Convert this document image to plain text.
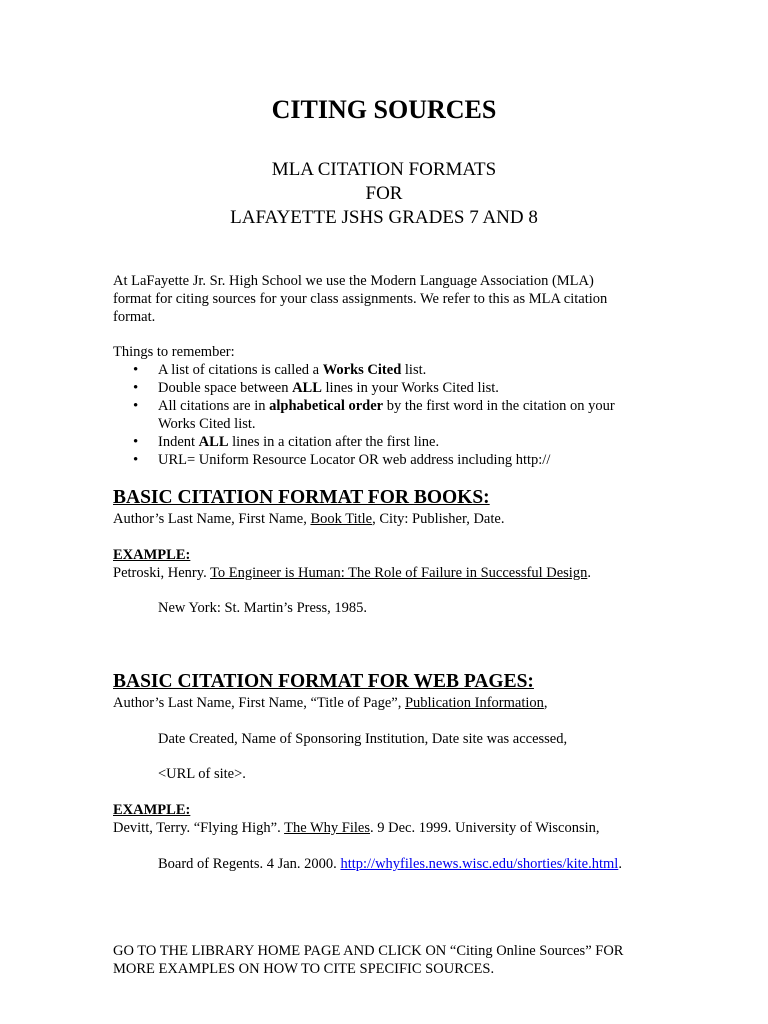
CITING SOURCES
MLA CITATION FORMATS
FOR
LAFAYETTE JSHS GRADES 7 AND 8

At LaFayette Jr. Sr. High School we use the Modern Language Association (MLA)

format for citing sources for your class assignments. We refer to this as MLA citation

format.

Things to remember:
• A list of citations is called a Works Cited list.
• Double space between ALL lines in your Works Cited list.
• All citations are in alphabetical order by the first word in the citation on your
Works Cited list.
• Indent ALL lines in a citation after the first line.
• URL= Uniform Resource Locator OR web address including http://
BASIC CITATION FORMAT FOR BOOKS:
Author’s Last Name, First Name, Book Title, City: Publisher, Date.
EXAMPLE:
Petroski, Henry. To Engineer is Human: The Role of Failure in Successful Design.
New York: St. Martin’s Press, 1985.
BASIC CITATION FORMAT FOR WEB PAGES:
Author’s Last Name, First Name, “Title of Page”, Publication Information,
Date Created, Name of Sponsoring Institution, Date site was accessed,
<URL of site>.
EXAMPLE:
Devitt, Terry. “Flying High”. The Why Files. 9 Dec. 1999. University of Wisconsin,
Board of Regents. 4 Jan. 2000. http://whyfiles.news.wisc.edu/shorties/kite.html.
GO TO THE LIBRARY HOME PAGE AND CLICK ON “Citing Online Sources” FOR
MORE EXAMPLES ON HOW TO CITE SPECIFIC SOURCES.
